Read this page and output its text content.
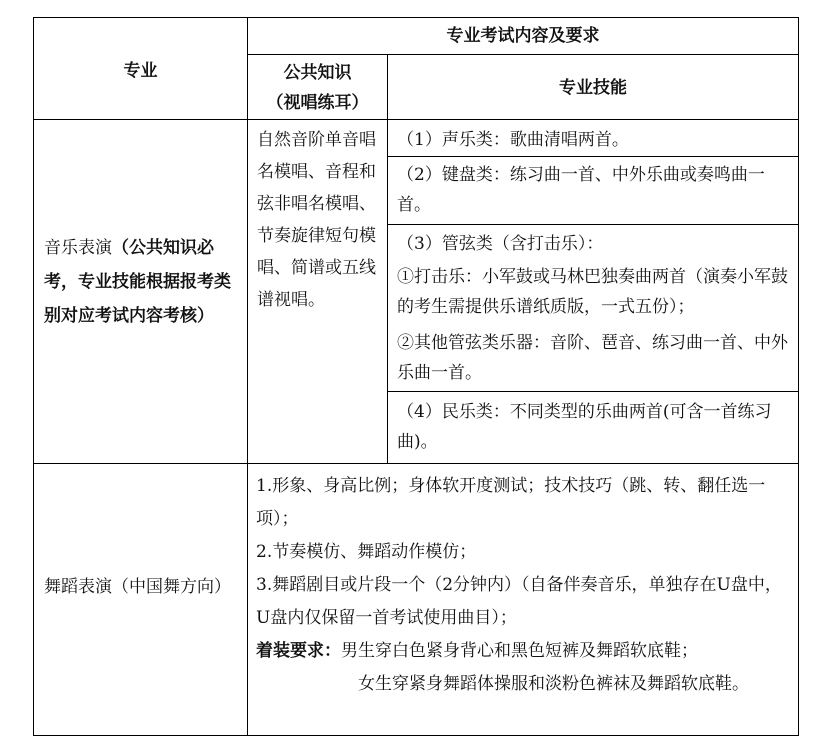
专业
专业考试内容及要求

公共知识

（视唱练耳）

专业技能
音乐表演（公共知识必考，专业技能根据报考类别对应考试内容考核）
自然音阶单音唱名模唱、音程和弦非唱名模唱、节奏旋律短句模唱、简谱或五线谱视唱。
（1）声乐类：歌曲清唱两首。
（2）键盘类：练习曲一首、中外乐曲或奏鸣曲一首。
（3）管弦类（含打击乐）：
①打击乐：小军鼓或马林巴独奏曲两首（演奏小军鼓的考生需提供乐谱纸质版，一式五份）；
②其他管弦类乐器：音阶、琶音、练习曲一首、中外乐曲一首。
（4）民乐类：不同类型的乐曲两首(可含一首练习曲)。
舞蹈表演（中国舞方向）

1.形象、身高比例；身体软开度测试；技术技巧（跳、转、翻任选一项）；

2.节奏模仿、舞蹈动作模仿；

3.舞蹈剧目或片段一个（2分钟内）（自备伴奏音乐，单独存在U盘中，U盘内仅保留一首考试使用曲目）；

着装要求：男生穿白色紧身背心和黑色短裤及舞蹈软底鞋；

女生穿紧身舞蹈体操服和淡粉色裤袜及舞蹈软底鞋。
